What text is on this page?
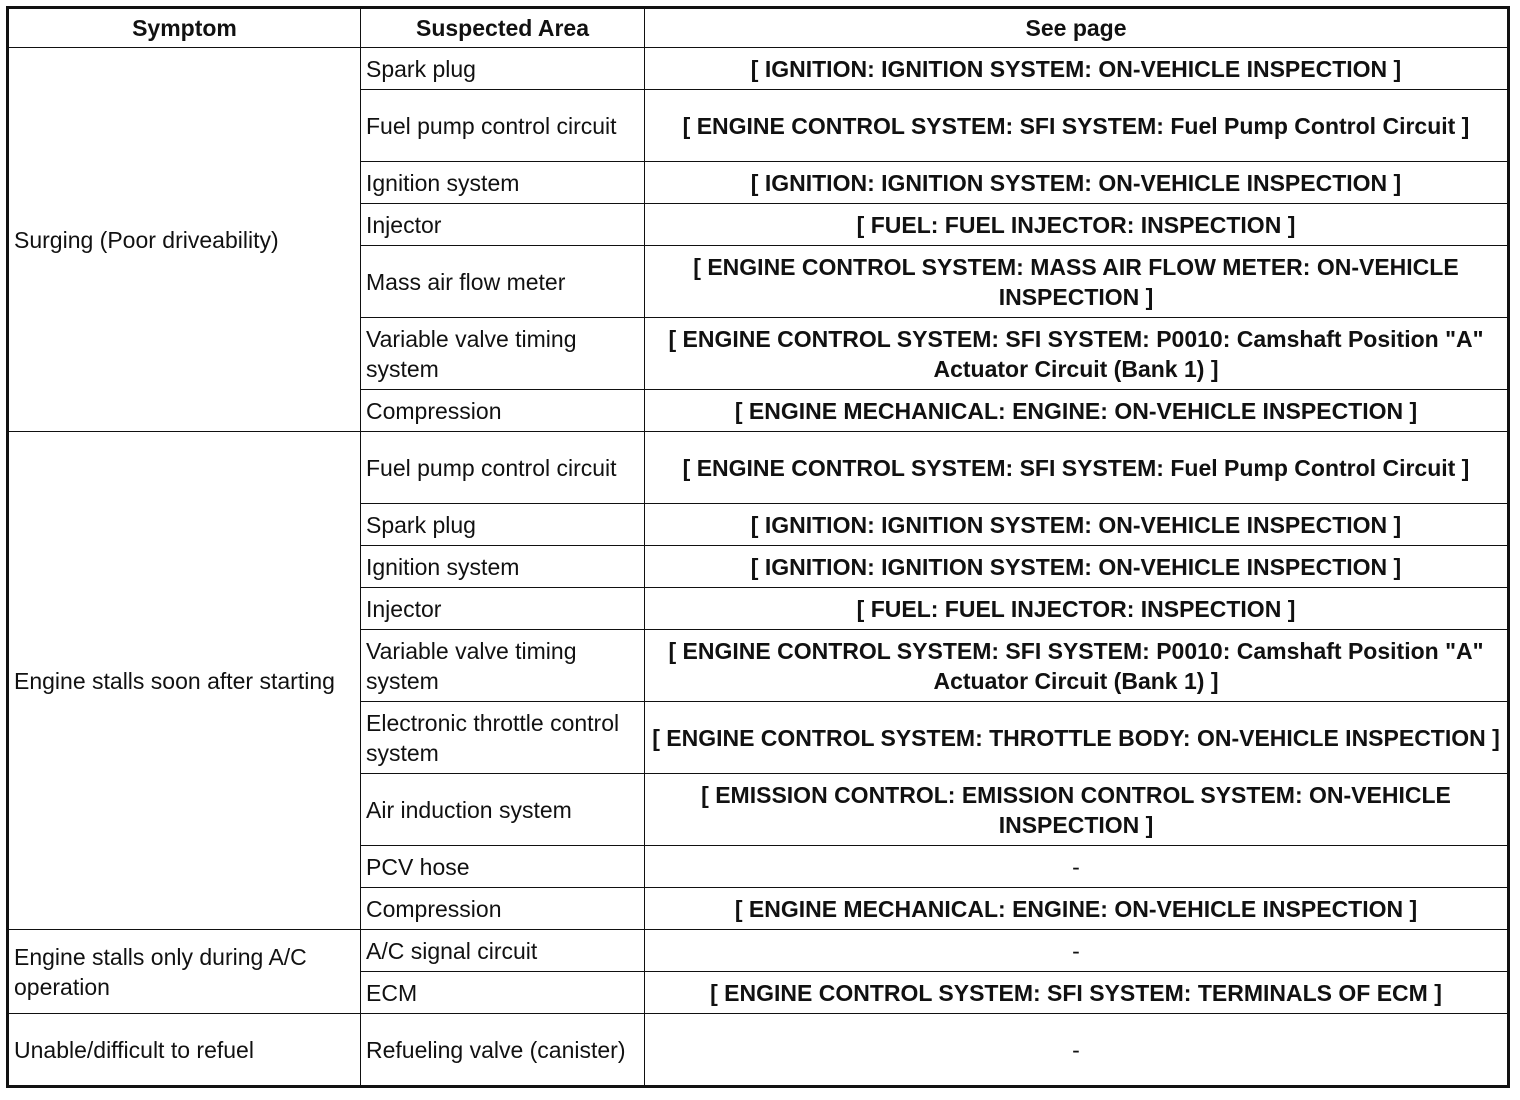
Symptom	Suspected Area	See page
Surging (Poor driveability)	Spark plug	[ IGNITION: IGNITION SYSTEM: ON-VEHICLE INSPECTION ]
	Fuel pump control circuit	[ ENGINE CONTROL SYSTEM: SFI SYSTEM: Fuel Pump Control Circuit ]
	Ignition system	[ IGNITION: IGNITION SYSTEM: ON-VEHICLE INSPECTION ]
	Injector	[ FUEL: FUEL INJECTOR: INSPECTION ]
	Mass air flow meter	[ ENGINE CONTROL SYSTEM: MASS AIR FLOW METER: ON-VEHICLE INSPECTION ]
	Variable valve timing system	[ ENGINE CONTROL SYSTEM: SFI SYSTEM: P0010: Camshaft Position "A" Actuator Circuit (Bank 1) ]
	Compression	[ ENGINE MECHANICAL: ENGINE: ON-VEHICLE INSPECTION ]
Engine stalls soon after starting	Fuel pump control circuit	[ ENGINE CONTROL SYSTEM: SFI SYSTEM: Fuel Pump Control Circuit ]
	Spark plug	[ IGNITION: IGNITION SYSTEM: ON-VEHICLE INSPECTION ]
	Ignition system	[ IGNITION: IGNITION SYSTEM: ON-VEHICLE INSPECTION ]
	Injector	[ FUEL: FUEL INJECTOR: INSPECTION ]
	Variable valve timing system	[ ENGINE CONTROL SYSTEM: SFI SYSTEM: P0010: Camshaft Position "A" Actuator Circuit (Bank 1) ]
	Electronic throttle control system	[ ENGINE CONTROL SYSTEM: THROTTLE BODY: ON-VEHICLE INSPECTION ]
	Air induction system	[ EMISSION CONTROL: EMISSION CONTROL SYSTEM: ON-VEHICLE INSPECTION ]
	PCV hose	-
	Compression	[ ENGINE MECHANICAL: ENGINE: ON-VEHICLE INSPECTION ]
Engine stalls only during A/C operation	A/C signal circuit	-
	ECM	[ ENGINE CONTROL SYSTEM: SFI SYSTEM: TERMINALS OF ECM ]
Unable/difficult to refuel	Refueling valve (canister)	-
